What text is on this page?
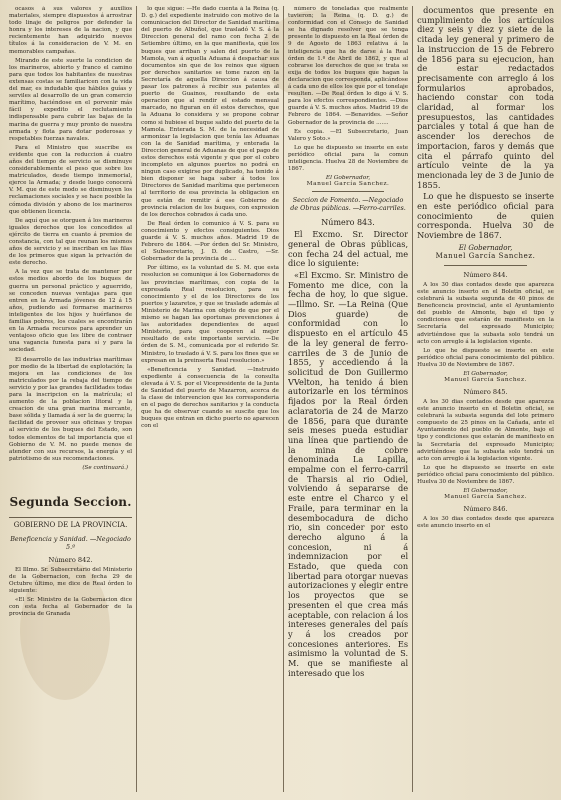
ocasos á sus valores y auxilios materiales, siempre dispuestos á arrostrar todo linaje de peligros por defender la honra y los intereses de la nacion, y que recientemente han adquirido nuevos títulos á la consideracion de V. M. en memorables campañas.

Mirando de este suerte la condicion de los marineros, abierto y franco el camino para que todos los habitantes de nuestras extensas costas se familiaricen con la vida del mar, es indudable que hábiles guías y serviles al desarrollo de un gran comercio marítimo, haciéndose en el porvenir más fácil y expedito el reclutamiento indispensable para cubrir las bajas de la marina de guerra y muy pronto de nuestra armada y flota para dotar poderosas y respetables fuerzas navales.

Para el Ministro que suscribe es evidente que con la reduccion á cuatro años del tiempo de servicio se disminuye considerablemente el peso que sobre los matriculados, desde tiempo inmemorial, ejerce la Armada; y desde luego conocerá V. M. que de este modo se disminuyen los reclamaciones sociales y se hace posible la cómoda división y abono de los marineros que obtienen licencia.

De aquí que se otorguen á los marineros iguales derechos que los concedidos al ejército de tierra en cuanto á premios de constancia, con tal que reunan los mismos años de servicio y se inscriban en las filas de los primeros que sigan la privación de este derecho.

A la vez que se trata de mantener por estos medios abordo de los buques de guerra un personal práctico y aguerrido, se conceden nuevas ventajas para que entren en la Armada jóvenes de 12 á 15 años, pudiendo así formarse marineros inteligentes de los hijos y huérfanos de familias pobres, los cuales se encontrarán en la Armada recursos para aprender un ventajoso oficio que les libre de contraer una vagancia funesta para sí y para la sociedad.

El desarrollo de las industrias marítimas por medio de la libertad de explotación; la mejora en las condiciones de los matriculados por la rebaja del tiempo de servicio y por las grandes facilidades todas para la inscripcion en la matrícula; el aumento de la poblacion litoral y la creacion de una gran marina mercante, base sólida y llamada á ser la de guerra; la facilidad de proveer sus oficinas y tropas al servicio de los buques del Estado, son todos elementos de tal importancia que el Gobierno de V. M. no puede menos de atender con sus recursos, la energía y el patriotismo de sus recomendaciones.

(Se continuará.)
Segunda Seccion.
GOBIERNO DE LA PROVINCIA.
Beneficencia y Sanidad. —Negociado 5.º
Número 842.

El Illmo. Sr. Subsecretario del Ministerio de la Gobernacion, con fecha 29 de Octubre último, me dice de Real órden lo siguiente:

«El Sr. Ministro de la Gobernacion dice con esta fecha al Gobernador de la provincia de Granada

lo que sigue: —He dado cuenta á la Reina (q. D. g.) del expediente instruido con motivo de la comunicacion del Director de Sanidad marítima del puerto de Albuñol, que trasladó V. S. á la Direccion general del ramo con fecha 2 de Setiembre último, en la que manifiesta, que los buques que arriban y salen del puerto de la Mamola, van á aquella Aduana á despachar sus documentos sin que de los reinos que siguen por derechos sanitarios se tome razon en la Secretaría de aquella Direccion á causa de pasar los patrones á recibir sus patentes al puerto de Guainos, resultando de esta operacion que al rendir el estado mensual marcado, no figuran en él estos derechos, que la Aduana lo considera y se propone cobrar como si hubiese el buque salido del puerto de la Mamola. Enterada S. M. de la necesidad de armonizar la legislacion que tenía las Aduanas con la de Sanidad marítima, y enterada la Direccion general de Aduanas de que el pago de estos derechos está vigente y que por el cobro incompleto en algunos puertos no podrá en ningun caso exigirse por duplicado, ha tenido á bien disponer se haga saber á todos los Directores de Sanidad marítima que pertenecen al territorio de esa provincia la obligacion en que están de remitir á ese Gobierno de provincia relacion de los buques, con expresion de los derechos cobrados á cada uno.

De Real órden lo comunico á V. S. para su conocimiento y efectos consiguientes. Dios guarde á V. S. muchos años. Madrid 19 de Febrero de 1864. —Por órden del Sr. Ministro, el Subsecretario, J. D. de Castro, —Sr. Gobernador de la provincia de ....

Por último, es la voluntad de S. M. que esta resolucion se comunique á los Gobernadores de las provincias marítimas, con copia de la expresada Real resolucion, para su conocimiento y el de los Directores de los puertos y lazaretos, y que se traslade además al Ministerio de Marina con objeto de que por el mismo se hagan las oportunas prevenciones á las autoridades dependientes de aquel Ministerio, para que cooperen al mejor resultado de este importante servicio. —De órden de S. M., comunicada por el referido Sr. Ministro, lo traslado á V. S. para los fines que se expresan en la preinserta Real resolucion.»

«Beneficencia y Sanidad. —Instruido expediente á consecuencia de la consulta elevada á V. S. por el Vicepresidente de la Junta de Sanidad del puerto de Mazarron, acerca de la clase de intervencion que les corresponderia en el pago de derechos sanitarios y la conducta que ha de observar cuando se suscite que los buques que entran en dicho puerto no aparecen con el

número de toneladas que realmente tuvieron; la Reina (q. D. g.) de conformidad con el Consejo de Sanidad se ha dignado resolver que se tenga presente lo dispuesto en la Real órden de 9 de Agosto de 1863 relativa á la inteligencia que ha de darse á la Real órden de 1.º de Abril de 1862, y que al cobrarse los derechos de que se trata se exija de todos los buques que hagan la declaracion que corresponda, aplicándose á cada uno de ellos los que por el tonelaje resulten. —De Real órden lo digo á V. S. para los efectos correspondientes. —Dios guarde á V. S. muchos años. Madrid 19 de Febrero de 1864. —Benavides. —Señor Gobernador de la provincia de .......

Es copia. —El Subsecretario, Juan Valero y Soto.»

Lo que he dispuesto se inserte en este periódico oficial para la comun inteligencia. Huelva 28 de Noviembre de 1867.

El Gobernador,
Manuel García Sanchez.
Seccion de Fomento. —Negociado de Obras públicas. —Ferro-carriles.
Número 843.

El Excmo. Sr. Director general de Obras públicas, con fecha 24 del actual, me dice lo siguiente:

«El Excmo. Sr. Ministro de Fomento me dice, con la fecha de hoy, lo que sigue. —Illmo. Sr. —La Reina (Que Dios guarde) de conformidad con lo dispuesto en el artículo 45 de la ley general de ferro-carriles de 3 de Junio de 1855, y accediendo á la solicitud de Don Guillermo VVelton, ha tenido á bien autorizarle en los términos fijados por la Real órden aclaratoria de 24 de Marzo de 1856, para que durante seis meses pueda estudiar una línea que partiendo de la mina de cobre denominada La Lapilla, empalme con el ferro-carril de Tharsis al rio Odiel, volviendo á separarse de este entre el Charco y el Fraile, para terminar en la desembocadura de dicho rio, sin conceder por esto derecho alguno á la concesion, ni á indemnizacion por el Estado, que queda con libertad para otorgar nuevas autorizaciones y elegir entre los proyectos que se presenten el que crea más aceptable, con relacion á los intereses generales del país y á los creados por concesiones anteriores. Es asimismo la voluntad de S. M. que se manifieste al interesado que los

documentos que presente en cumplimiento de los artículos diez y seis y diez y siete de la citada ley general y primero de la instruccion de 15 de Febrero de 1856 para su ejecucion, han de estar redactados precisamente con arreglo á los formularios aprobados, haciendo constar con toda claridad, al formar los presupuestos, las cantidades parciales y total á que han de ascender los derechos de importacion, faros y demás que cita el párrafo quinto del artículo veinte de la ya mencionada ley de 3 de Junio de 1855.

Lo que he dispuesto se inserte en este periódico oficial para conocimiento de quien corresponda. Huelva 30 de Noviembre de 1867.

El Gobernador,
Manuel García Sanchez.
Número 844.

A los 30 dias contados desde que aparezca este anuncio inserto en el Boletin oficial, se celebrará la subasta segunda de 40 pinos de Beneficencia provincial, ante el Ayuntamiento del pueblo de Almonte, bajo el tipo y condiciones que estarán de manifiesto en la Secretaría del expresado Municipio; advirtiéndose que la subasta solo tendrá un acto con arreglo á la legislacion vigente.

Lo que he dispuesto se inserte en este periódico oficial para conocimiento del público. Huelva 30 de Noviembre de 1867.

El Gobernador,
Manuel García Sanchez.
Número 845.

A los 30 dias contados desde que aparezca este anuncio inserto en el Boletin oficial, se celebrará la subasta segunda del lote primero compuesto de 25 pinos en la Cañada, ante el Ayuntamiento del pueblo de Almonte, bajo el tipo y condiciones que estarán de manifiesto en la Secretaría del expresado Municipio; advirtiéndose que la subasta solo tendrá un acto con arreglo á la legislacion vigente.

Lo que he dispuesto se inserte en este periódico oficial para conocimiento del público. Huelva 30 de Noviembre de 1867.

El Gobernador,
Manuel García Sanchez.
Número 846.

A los 30 dias contados desde que aparezca este anuncio inserto en el
